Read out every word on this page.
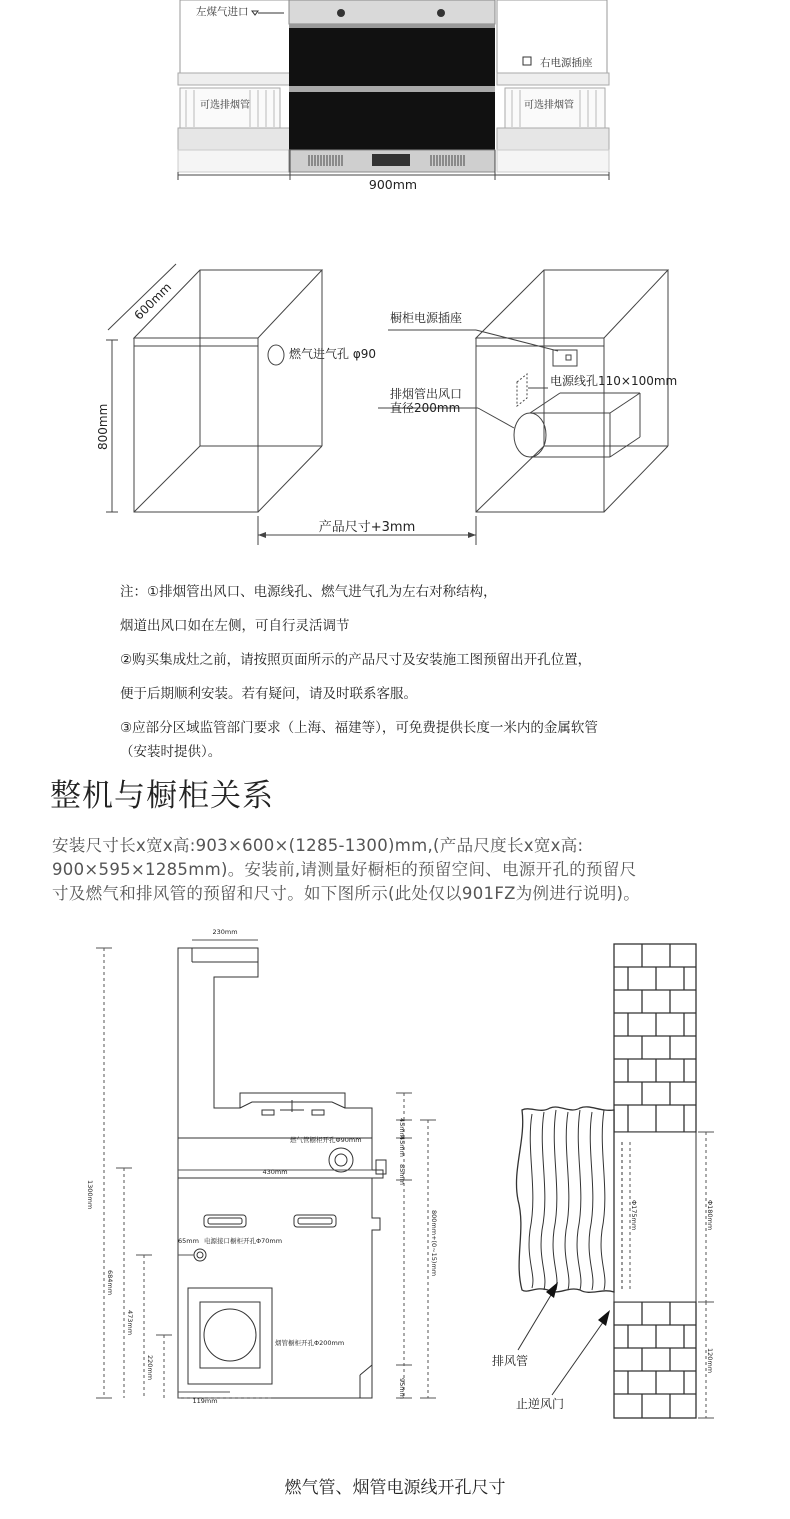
左煤气进口
右电源插座
可选排烟管	可选排烟管
900mm
600mm
800mm
燃气进气孔 φ90
橱柜电源插座
电源线孔110×100mm
排烟管出风口
直径200mm
产品尺寸+3mm
注：①排烟管出风口、电源线孔、燃气进气孔为左右对称结构，
烟道出风口如在左侧，可自行灵活调节
②购买集成灶之前，请按照页面所示的产品尺寸及安装施工图预留出开孔位置，
便于后期顺利安装。若有疑问，请及时联系客服。
③应部分区域监管部门要求（上海、福建等），可免费提供长度一米内的金属软管
（安装时提供）。
整机与橱柜关系
安装尺寸长x宽x高:903×600×(1285-1300)mm,(产品尺度长x宽x高:
900×595×1285mm)。安装前,请测量好橱柜的预留空间、电源开孔的预留尺
寸及燃气和排风管的预留和尺寸。如下图所示(此处仅以901FZ为例进行说明)。
230mm
1300mm
45mm
45mm
85mm
燃气管橱柜开孔Φ90mm
430mm
65mm 电源接口橱柜开孔Φ70mm
684mm
473mm
800mm+(0~15)mm
烟管橱柜开孔Φ200mm
220mm
119mm
95mm
Φ175mm	Φ180mm
120mm
排风管
止逆风门
燃气管、烟管电源线开孔尺寸
